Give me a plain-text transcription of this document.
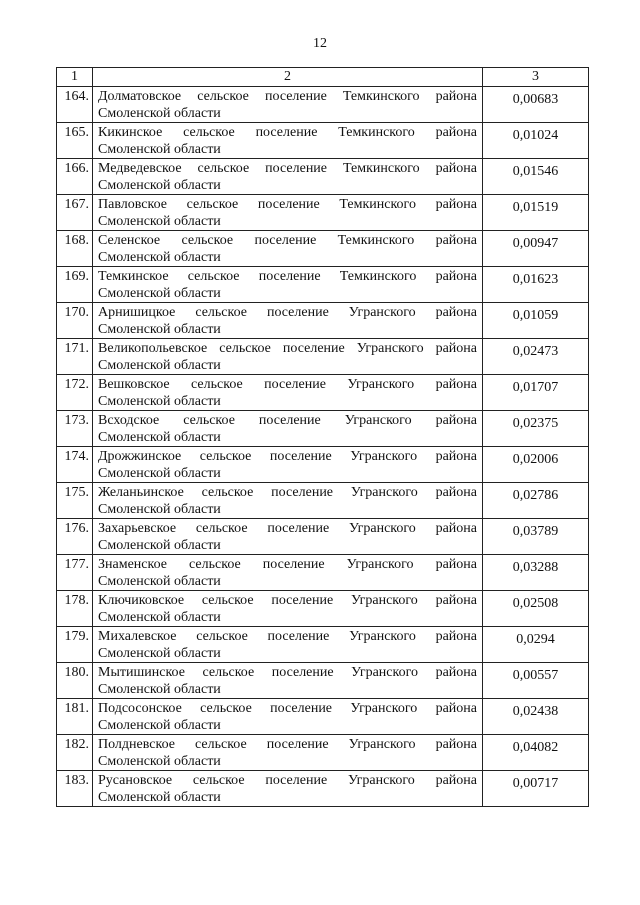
12
1	2	3
164.	Долматовское сельское поселение Темкинского района
Смоленской области	0,00683
165.	Кикинское сельское поселение Темкинского района
Смоленской области	0,01024
166.	Медведевское сельское поселение Темкинского района
Смоленской области	0,01546
167.	Павловское сельское поселение Темкинского района
Смоленской области	0,01519
168.	Селенское сельское поселение Темкинского района
Смоленской области	0,00947
169.	Темкинское сельское поселение Темкинского района
Смоленской области	0,01623
170.	Арнишицкое сельское поселение Угранского района
Смоленской области	0,01059
171.	Великопольевское сельское поселение Угранского района
Смоленской области	0,02473
172.	Вешковское сельское поселение Угранского района
Смоленской области	0,01707
173.	Всходское сельское поселение Угранского района
Смоленской области	0,02375
174.	Дрожжинское сельское поселение Угранского района
Смоленской области	0,02006
175.	Желаньинское сельское поселение Угранского района
Смоленской области	0,02786
176.	Захарьевское сельское поселение Угранского района
Смоленской области	0,03789
177.	Знаменское сельское поселение Угранского района
Смоленской области	0,03288
178.	Ключиковское сельское поселение Угранского района
Смоленской области	0,02508
179.	Михалевское сельское поселение Угранского района
Смоленской области	0,0294
180.	Мытишинское сельское поселение Угранского района
Смоленской области	0,00557
181.	Подсосонское сельское поселение Угранского района
Смоленской области	0,02438
182.	Полдневское сельское поселение Угранского района
Смоленской области	0,04082
183.	Русановское сельское поселение Угранского района
Смоленской области	0,00717
